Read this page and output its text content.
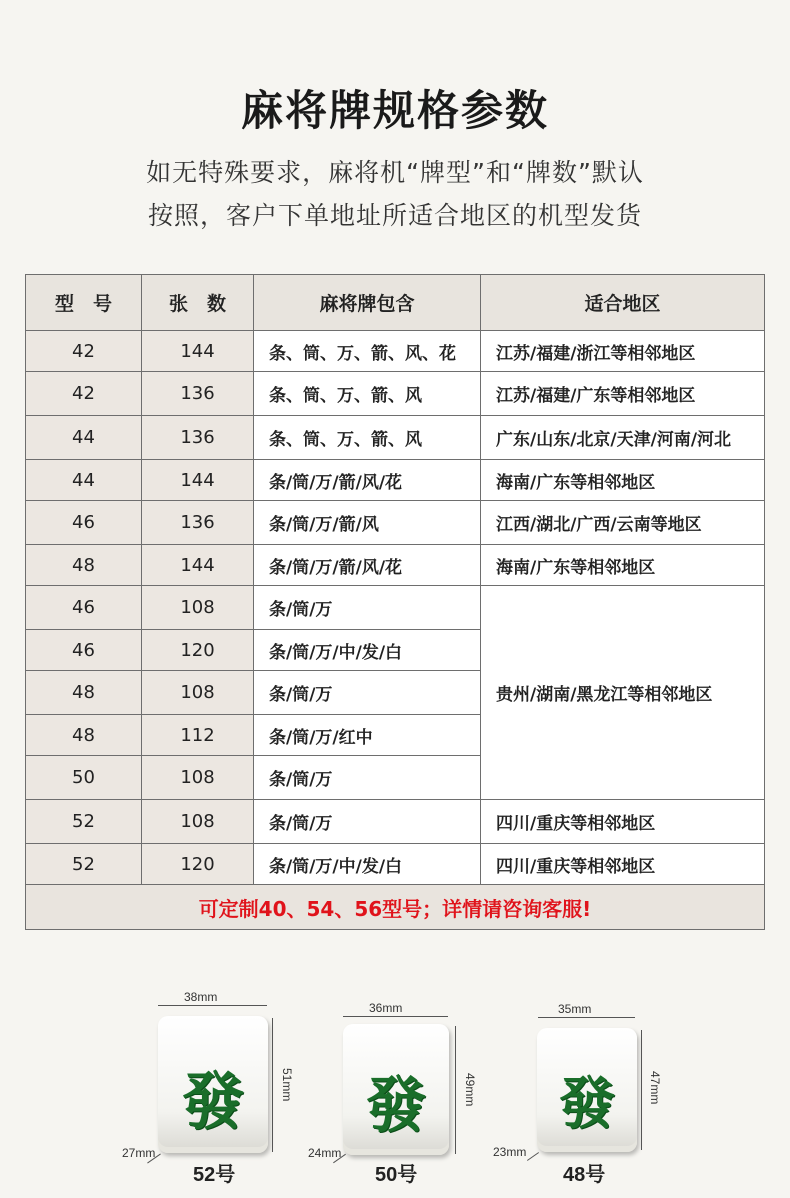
麻将牌规格参数
如无特殊要求，麻将机“牌型”和“牌数”默认
按照，客户下单地址所适合地区的机型发货
型　号	张　数	麻将牌包含	适合地区
42	144	条、筒、万、箭、风、花	江苏/福建/浙江等相邻地区
42	136	条、筒、万、箭、风	江苏/福建/广东等相邻地区
44	136	条、筒、万、箭、风	广东/山东/北京/天津/河南/河北
44	144	条/筒/万/箭/风/花	海南/广东等相邻地区
46	136	条/筒/万/箭/风	江西/湖北/广西/云南等地区
48	144	条/筒/万/箭/风/花	海南/广东等相邻地区
46	108	条/筒/万	贵州/湖南/黑龙江等相邻地区
46	120	条/筒/万/中/发/白	
48	108	条/筒/万	
48	112	条/筒/万/红中	
50	108	条/筒/万	
52	108	条/筒/万	四川/重庆等相邻地区
52	120	条/筒/万/中/发/白	四川/重庆等相邻地区
可定制40、54、56型号；详情请咨询客服!			
38mm
發	51mm
27mm
52号
36mm
發	49mm
24mm
50号
35mm
發	47mm
23mm
48号
